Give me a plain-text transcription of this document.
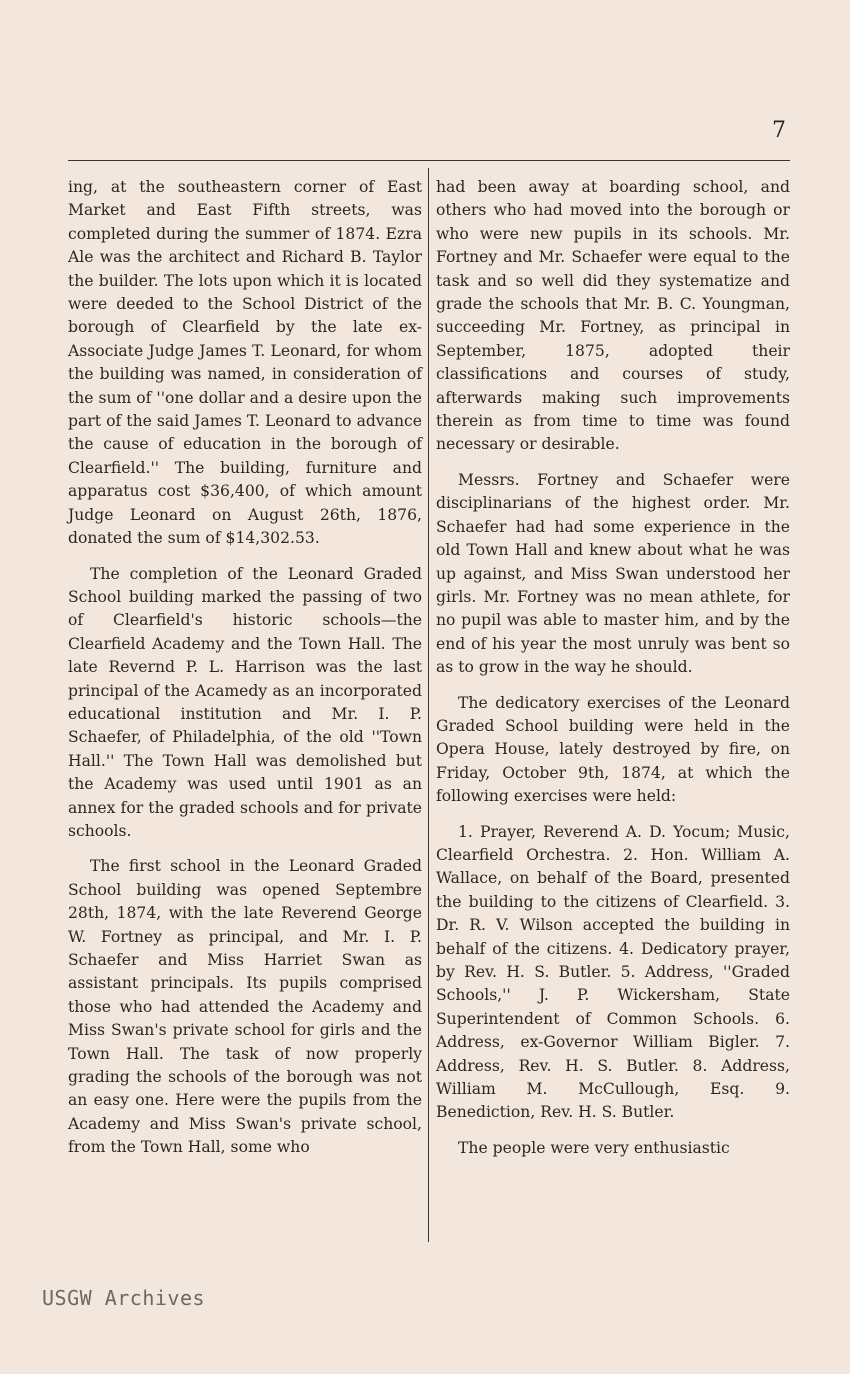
7

ing, at the southeastern corner of East Market and East Fifth streets, was completed during the summer of 1874. Ezra Ale was the architect and Richard B. Taylor the builder. The lots upon which it is located were deeded to the School District of the borough of Clearfield by the late ex-Associate Judge James T. Leonard, for whom the building was named, in consideration of the sum of ''one dollar and a desire upon the part of the said James T. Leonard to advance the cause of education in the borough of Clearfield.'' The building, furniture and apparatus cost $36,400, of which amount Judge Leonard on August 26th, 1876, donated the sum of $14,302.53.

The completion of the Leonard Graded School building marked the passing of two of Clearfield's historic schools—the Clearfield Academy and the Town Hall. The late Revernd P. L. Harrison was the last principal of the Acamedy as an incorporated educational institution and Mr. I. P. Schaefer, of Philadelphia, of the old ''Town Hall.'' The Town Hall was demolished but the Academy was used until 1901 as an annex for the graded schools and for private schools.

The first school in the Leonard Graded School building was opened Septembre 28th, 1874, with the late Reverend George W. Fortney as principal, and Mr. I. P. Schaefer and Miss Harriet Swan as assistant principals. Its pupils comprised those who had attended the Academy and Miss Swan's private school for girls and the Town Hall. The task of now properly grading the schools of the borough was not an easy one. Here were the pupils from the Academy and Miss Swan's private school, from the Town Hall, some who

had been away at boarding school, and others who had moved into the borough or who were new pupils in its schools. Mr. Fortney and Mr. Schaefer were equal to the task and so well did they systematize and grade the schools that Mr. B. C. Youngman, succeeding Mr. Fortney, as principal in September, 1875, adopted their classifications and courses of study, afterwards making such improvements therein as from time to time was found necessary or desirable.

Messrs. Fortney and Schaefer were disciplinarians of the highest order. Mr. Schaefer had had some experience in the old Town Hall and knew about what he was up against, and Miss Swan understood her girls. Mr. Fortney was no mean athlete, for no pupil was able to master him, and by the end of his year the most unruly was bent so as to grow in the way he should.

The dedicatory exercises of the Leonard Graded School building were held in the Opera House, lately destroyed by fire, on Friday, October 9th, 1874, at which the following exercises were held:

1. Prayer, Reverend A. D. Yocum; Music, Clearfield Orchestra. 2. Hon. William A. Wallace, on behalf of the Board, presented the building to the citizens of Clearfield. 3. Dr. R. V. Wilson accepted the building in behalf of the citizens. 4. Dedicatory prayer, by Rev. H. S. Butler. 5. Address, ''Graded Schools,'' J. P. Wickersham, State Superintendent of Common Schools. 6. Address, ex-Governor William Bigler. 7. Address, Rev. H. S. Butler. 8. Address, William M. McCullough, Esq. 9. Benediction, Rev. H. S. Butler.

The people were very enthusiastic

USGW Archives
